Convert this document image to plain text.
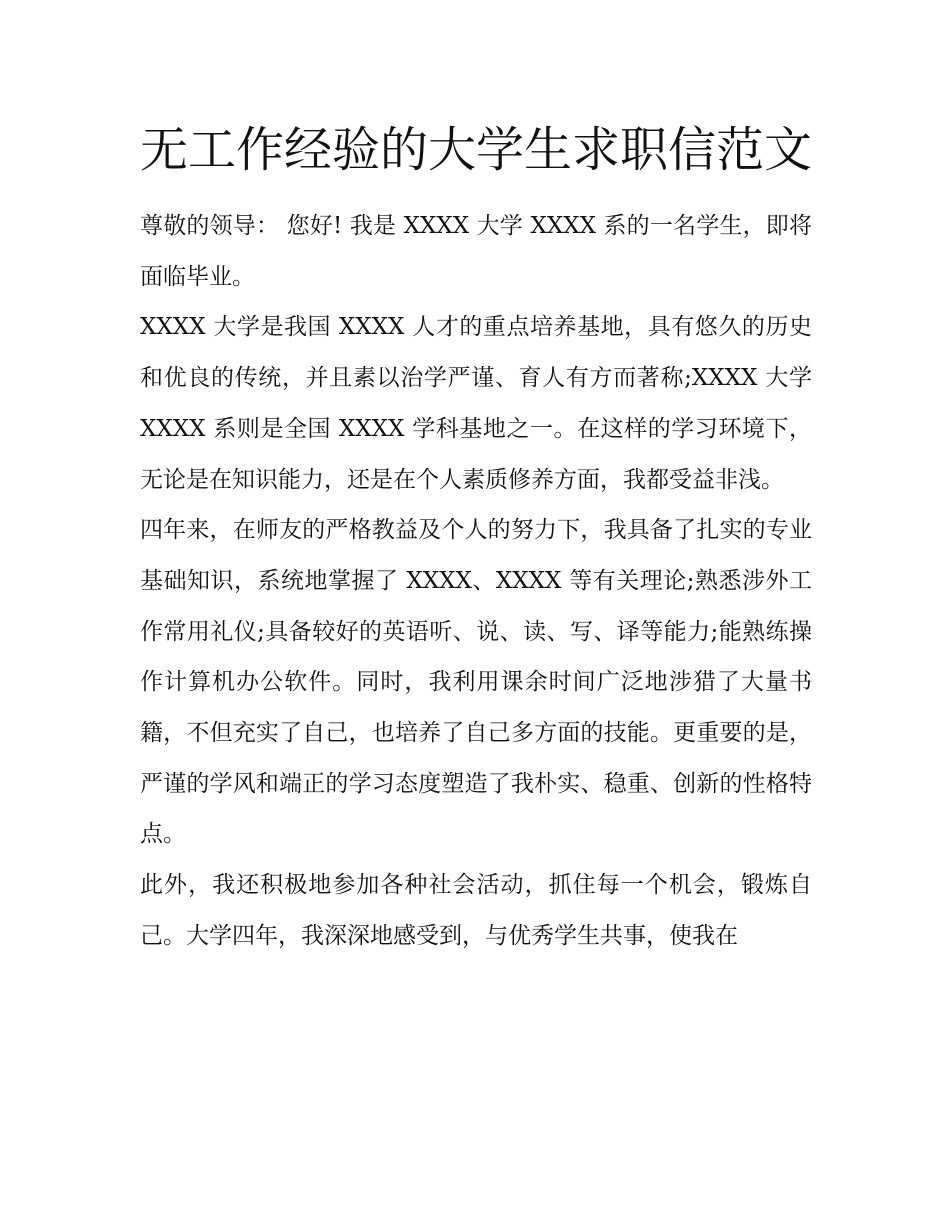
无工作经验的大学生求职信范文

尊敬的领导： 您好! 我是 XXXX 大学 XXXX 系的一名学生，即将面临毕业。

XXXX 大学是我国 XXXX 人才的重点培养基地，具有悠久的历史和优良的传统，并且素以治学严谨、育人有方而著称;XXXX 大学 XXXX 系则是全国 XXXX 学科基地之一。在这样的学习环境下，无论是在知识能力，还是在个人素质修养方面，我都受益非浅。

四年来，在师友的严格教益及个人的努力下，我具备了扎实的专业基础知识，系统地掌握了 XXXX、XXXX 等有关理论;熟悉涉外工作常用礼仪;具备较好的英语听、说、读、写、译等能力;能熟练操作计算机办公软件。同时，我利用课余时间广泛地涉猎了大量书籍，不但充实了自己，也培养了自己多方面的技能。更重要的是，严谨的学风和端正的学习态度塑造了我朴实、稳重、创新的性格特点。

此外，我还积极地参加各种社会活动，抓住每一个机会，锻炼自己。大学四年，我深深地感受到，与优秀学生共事，使我在
